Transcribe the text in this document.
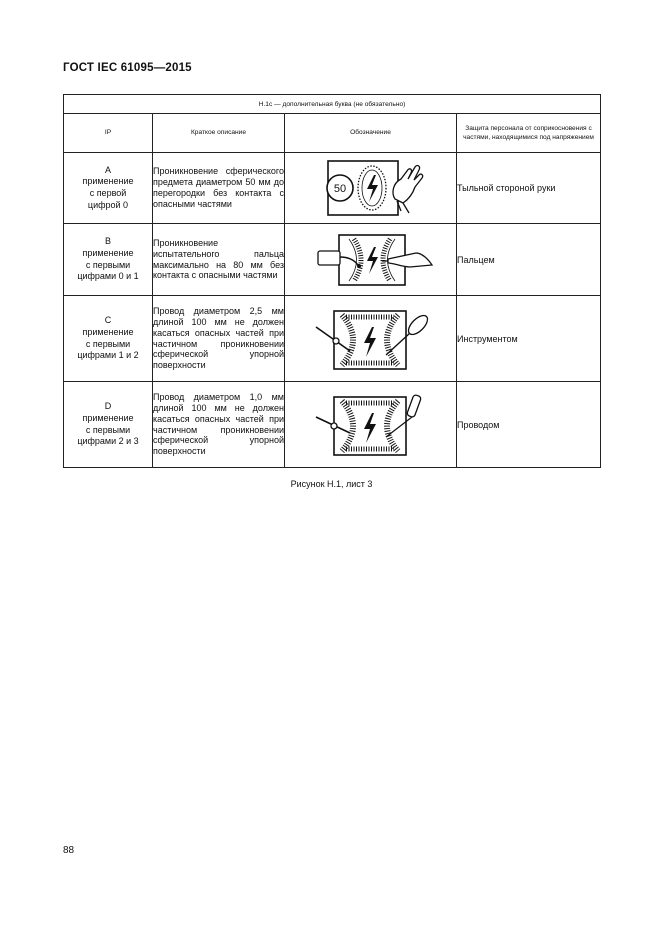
ГОСТ IEC 61095—2015
H.1c — дополнительная буква (не обязательно)			
IP	Краткое описание	Обозначение	Защита персонала от соприкосновения с частями, находящимися под напряжением
A
применение
с первой
цифрой 0	Проникновение сферического предмета диаметром 50 мм до перегородки без контакта с опасными частями	50	Тыльной стороной руки
B
применение
с первыми
цифрами 0 и 1	Проникновение испытательного пальца максимально на 80 мм без контакта с опасными частями		Пальцем
C
применение
с первыми
цифрами 1 и 2	Провод диаметром 2,5 мм длиной 100 мм не должен касаться опасных частей при частичном проникновении сферической упорной поверхности		Инструментом
D
применение
с первыми
цифрами 2 и 3	Провод диаметром 1,0 мм длиной 100 мм не должен касаться опасных частей при частичном проникновении сферической упорной поверхности		Проводом
Рисунок Н.1, лист 3
88
